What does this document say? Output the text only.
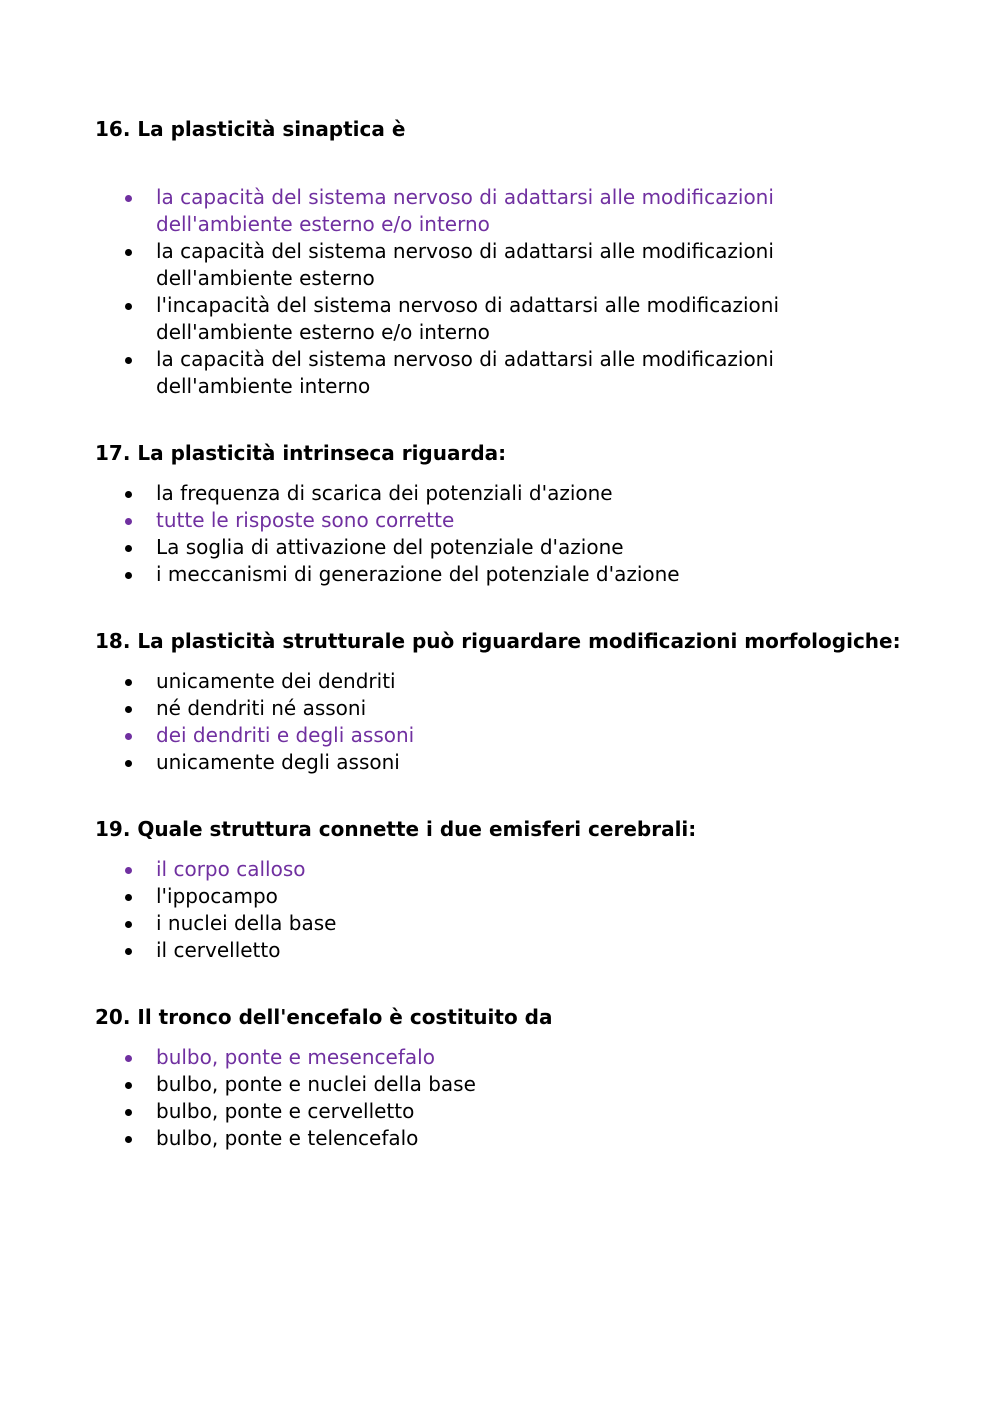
16. La plasticità sinaptica è

la capacità del sistema nervoso di adattarsi alle modificazioni dell'ambiente esterno e/o interno
la capacità del sistema nervoso di adattarsi alle modificazioni dell'ambiente esterno
l'incapacità del sistema nervoso di adattarsi alle modificazioni dell'ambiente esterno e/o interno
la capacità del sistema nervoso di adattarsi alle modificazioni dell'ambiente interno

17. La plasticità intrinseca riguarda:

la frequenza di scarica dei potenziali d'azione
tutte le risposte sono corrette
La soglia di attivazione del potenziale d'azione
i meccanismi di generazione del potenziale d'azione

18. La plasticità strutturale può riguardare modificazioni morfologiche:

unicamente dei dendriti
né dendriti né assoni
dei dendriti e degli assoni
unicamente degli assoni

19. Quale struttura connette i due emisferi cerebrali:

il corpo calloso
l'ippocampo
i nuclei della base
il cervelletto

20. Il tronco dell'encefalo è costituito da

bulbo, ponte e mesencefalo
bulbo, ponte e nuclei della base
bulbo, ponte e cervelletto
bulbo, ponte e telencefalo
